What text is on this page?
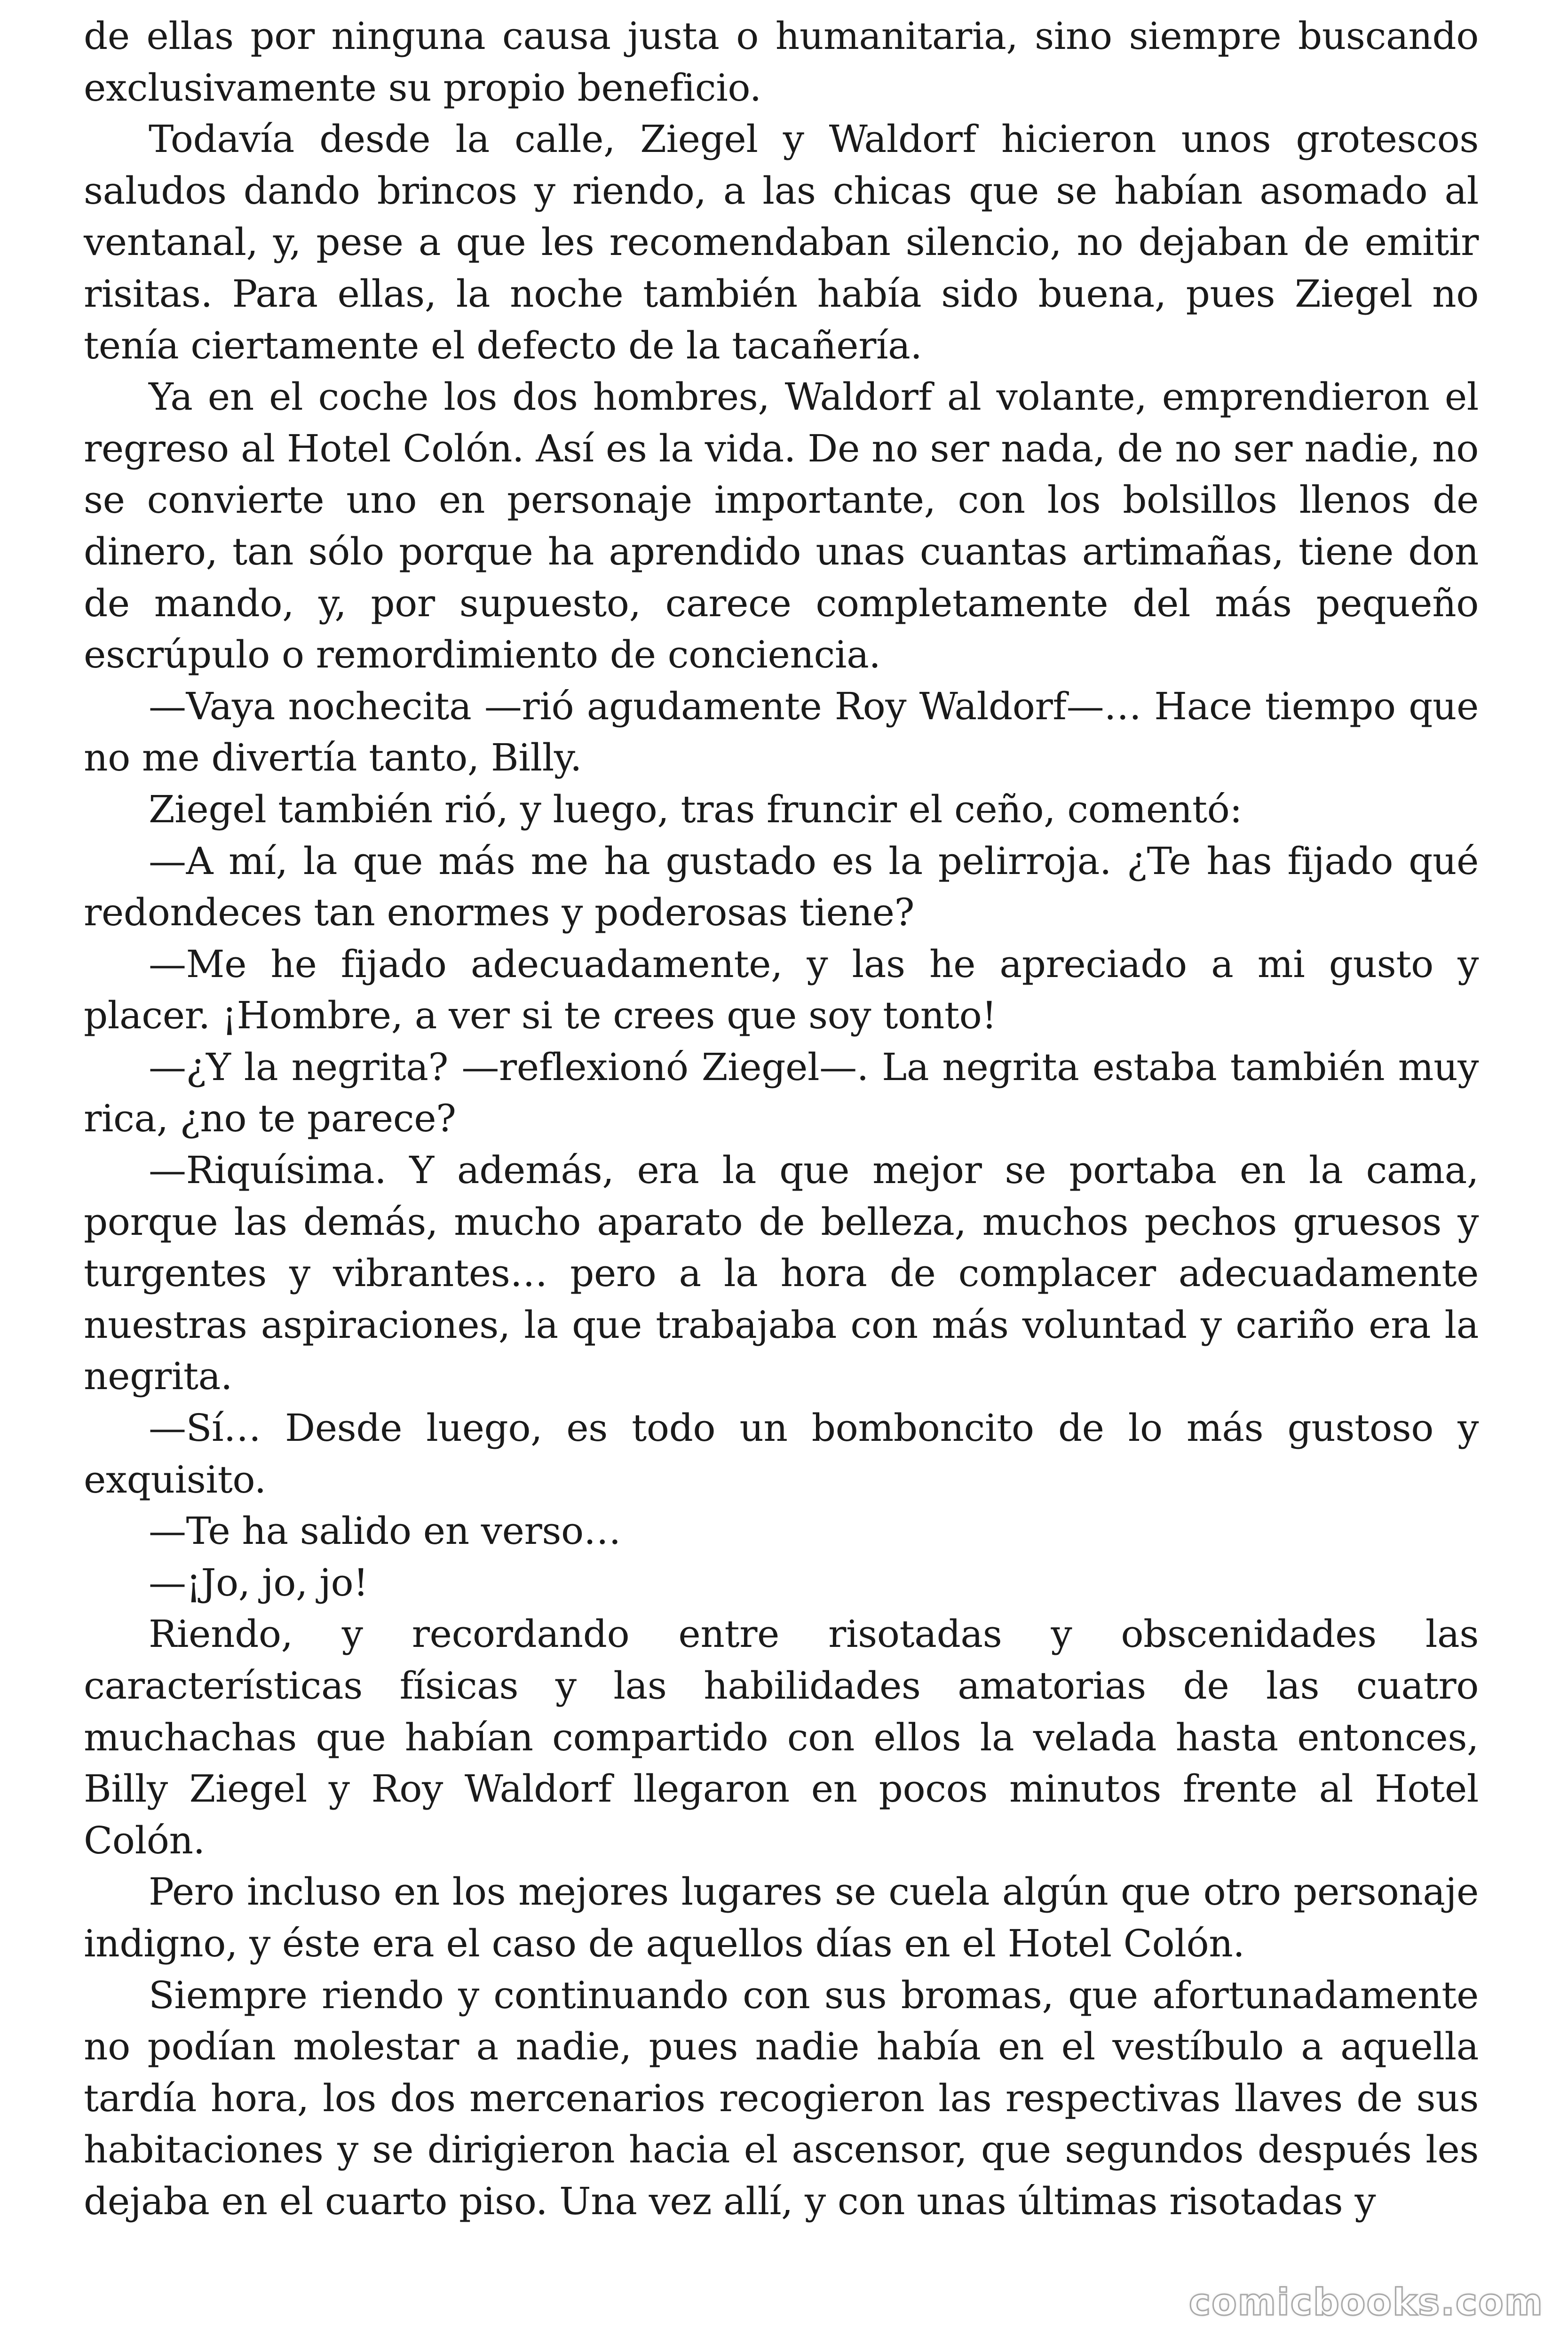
de ellas por ninguna causa justa o humanitaria, sino siempre buscando exclusivamente su propio beneficio.

Todavía desde la calle, Ziegel y Waldorf hicieron unos grotescos saludos dando brincos y riendo, a las chicas que se habían asomado al ventanal, y, pese a que les recomendaban silencio, no dejaban de emitir risitas. Para ellas, la noche también había sido buena, pues Ziegel no tenía ciertamente el defecto de la tacañería.

Ya en el coche los dos hombres, Waldorf al volante, emprendieron el regreso al Hotel Colón. Así es la vida. De no ser nada, de no ser nadie, no se convierte uno en personaje importante, con los bolsillos llenos de dinero, tan sólo porque ha aprendido unas cuantas artimañas, tiene don de mando, y, por supuesto, carece completamente del más pequeño escrúpulo o remordimiento de conciencia.

—Vaya nochecita —rió agudamente Roy Waldorf—… Hace tiempo que no me divertía tanto, Billy.

Ziegel también rió, y luego, tras fruncir el ceño, comentó:

—A mí, la que más me ha gustado es la pelirroja. ¿Te has fijado qué redondeces tan enormes y poderosas tiene?

—Me he fijado adecuadamente, y las he apreciado a mi gusto y placer. ¡Hombre, a ver si te crees que soy tonto!

—¿Y la negrita? —reflexionó Ziegel—. La negrita estaba también muy rica, ¿no te parece?

—Riquísima. Y además, era la que mejor se portaba en la cama, porque las demás, mucho aparato de belleza, muchos pechos gruesos y turgentes y vibrantes… pero a la hora de complacer adecuadamente nuestras aspiraciones, la que trabajaba con más voluntad y cariño era la negrita.

—Sí… Desde luego, es todo un bomboncito de lo más gustoso y exquisito.

—Te ha salido en verso…

—¡Jo, jo, jo!

Riendo, y recordando entre risotadas y obscenidades las características físicas y las habilidades amatorias de las cuatro muchachas que habían compartido con ellos la velada hasta entonces, Billy Ziegel y Roy Waldorf llegaron en pocos minutos frente al Hotel Colón.

Pero incluso en los mejores lugares se cuela algún que otro personaje indigno, y éste era el caso de aquellos días en el Hotel Colón.

Siempre riendo y continuando con sus bromas, que afortunadamente no podían molestar a nadie, pues nadie había en el vestíbulo a aquella tardía hora, los dos mercenarios recogieron las respectivas llaves de sus habitaciones y se dirigieron hacia el ascensor, que segundos después les dejaba en el cuarto piso. Una vez allí, y con unas últimas risotadas y

comicbooks.com
